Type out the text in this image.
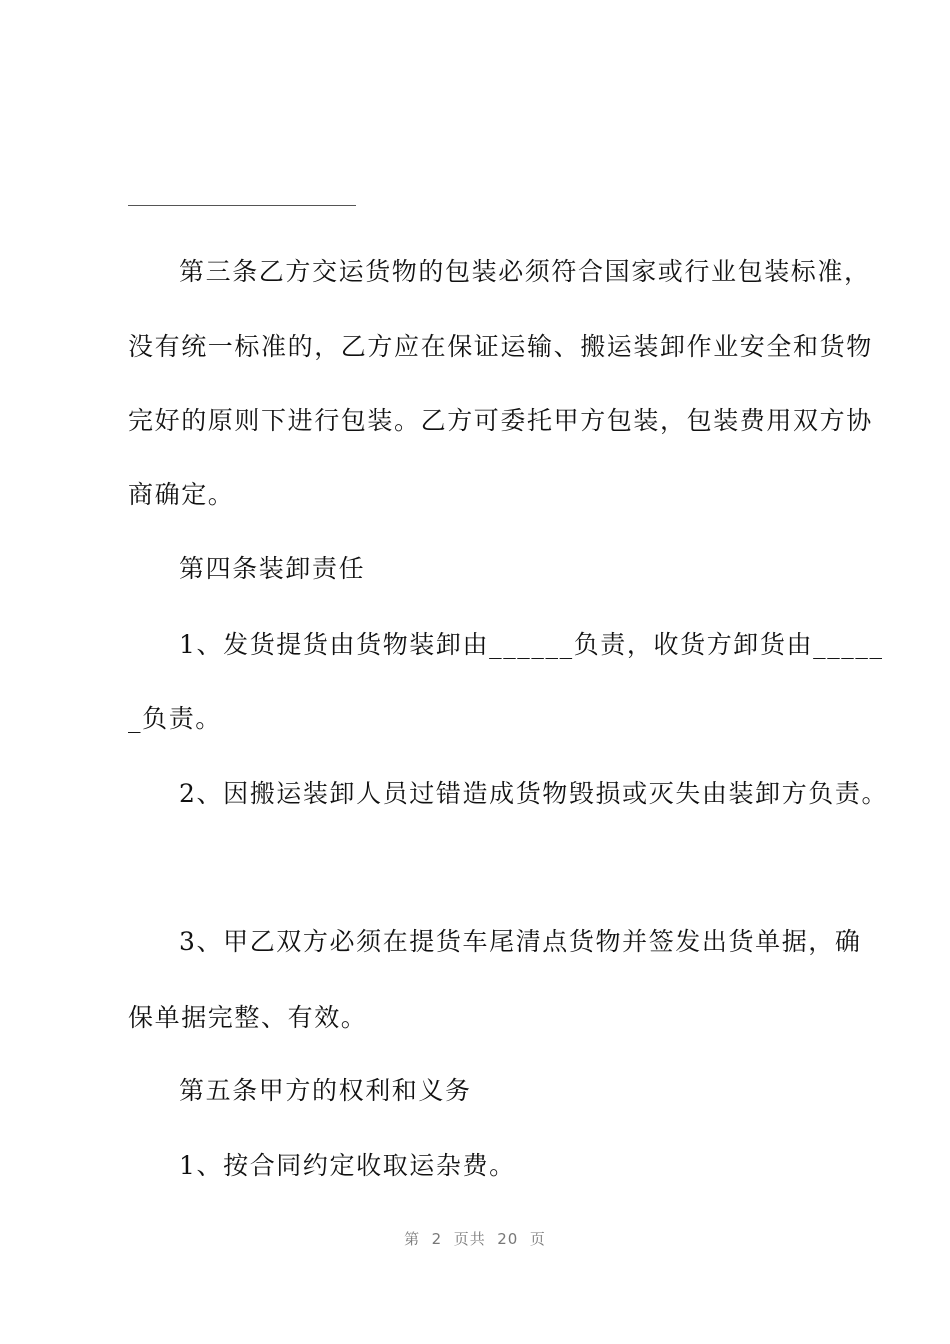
第三条乙方交运货物的包装必须符合国家或行业包装标准，
没有统一标准的，乙方应在保证运输、搬运装卸作业安全和货物
完好的原则下进行包装。乙方可委托甲方包装，包装费用双方协
商确定。
第四条装卸责任
1、发货提货由货物装卸由______负责，收货方卸货由_____
_负责。
2、因搬运装卸人员过错造成货物毁损或灭失由装卸方负责。
3、甲乙双方必须在提货车尾清点货物并签发出货单据，确
保单据完整、有效。
第五条甲方的权利和义务
1、按合同约定收取运杂费。
第  2  页共  20  页
